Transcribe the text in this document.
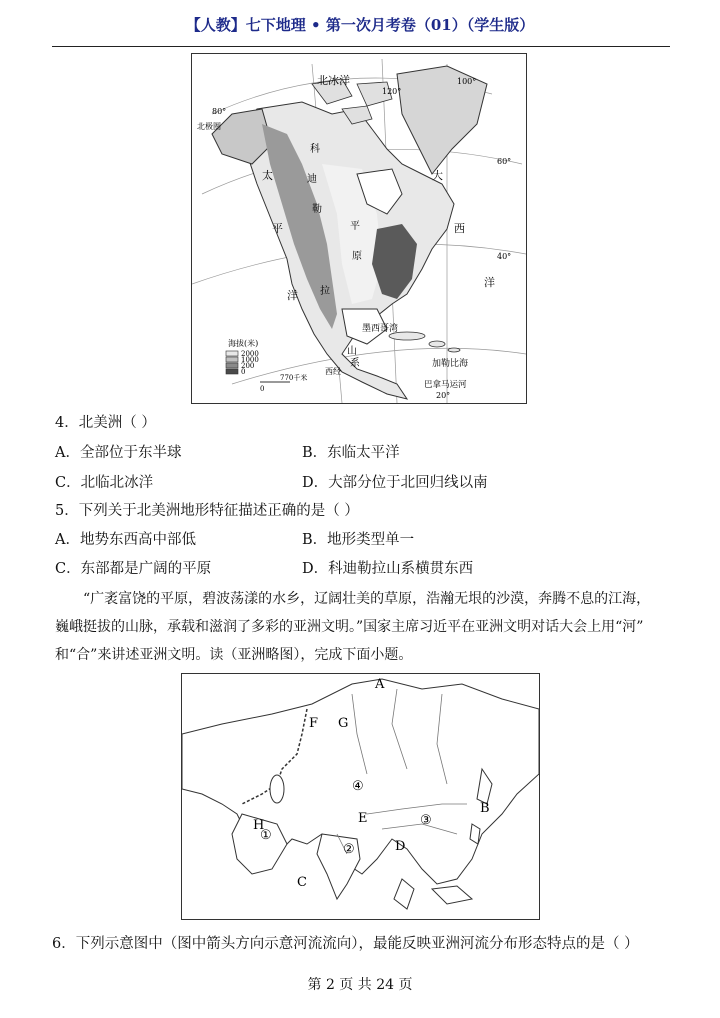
【人教】七下地理 • 第一次月考卷（01）（学生版）
北冰洋
大
西
洋
太
平
洋
科
迪
勒
拉
山
系
平
原
墨西哥湾
加勒比海
巴拿马运河
80°
120°
100°
20°
40°
60°
西经
北极圈
海拔(米)
2000
1000
200
0
0
770千米
4．北美洲（ ）
A．全部位于东半球	B．东临太平洋
C．北临北冰洋	D．大部分位于北回归线以南
5．下列关于北美洲地形特征描述正确的是（ ）
A．地势东西高中部低	B．地形类型单一
C．东部都是广阔的平原	D．科迪勒拉山系横贯东西
“广袤富饶的平原，碧波荡漾的水乡，辽阔壮美的草原，浩瀚无垠的沙漠，奔腾不息的江海，
巍峨挺拔的山脉，承载和滋润了多彩的亚洲文明。”国家主席习近平在亚洲文明对话大会上用“河”
和“合”来讲述亚洲文明。读（亚洲略图），完成下面小题。
A
B
C
D
E
F G
H
①
②
③
④
6．下列示意图中（图中箭头方向示意河流流向），最能反映亚洲河流分布形态特点的是（ ）
第 2 页 共 24 页
